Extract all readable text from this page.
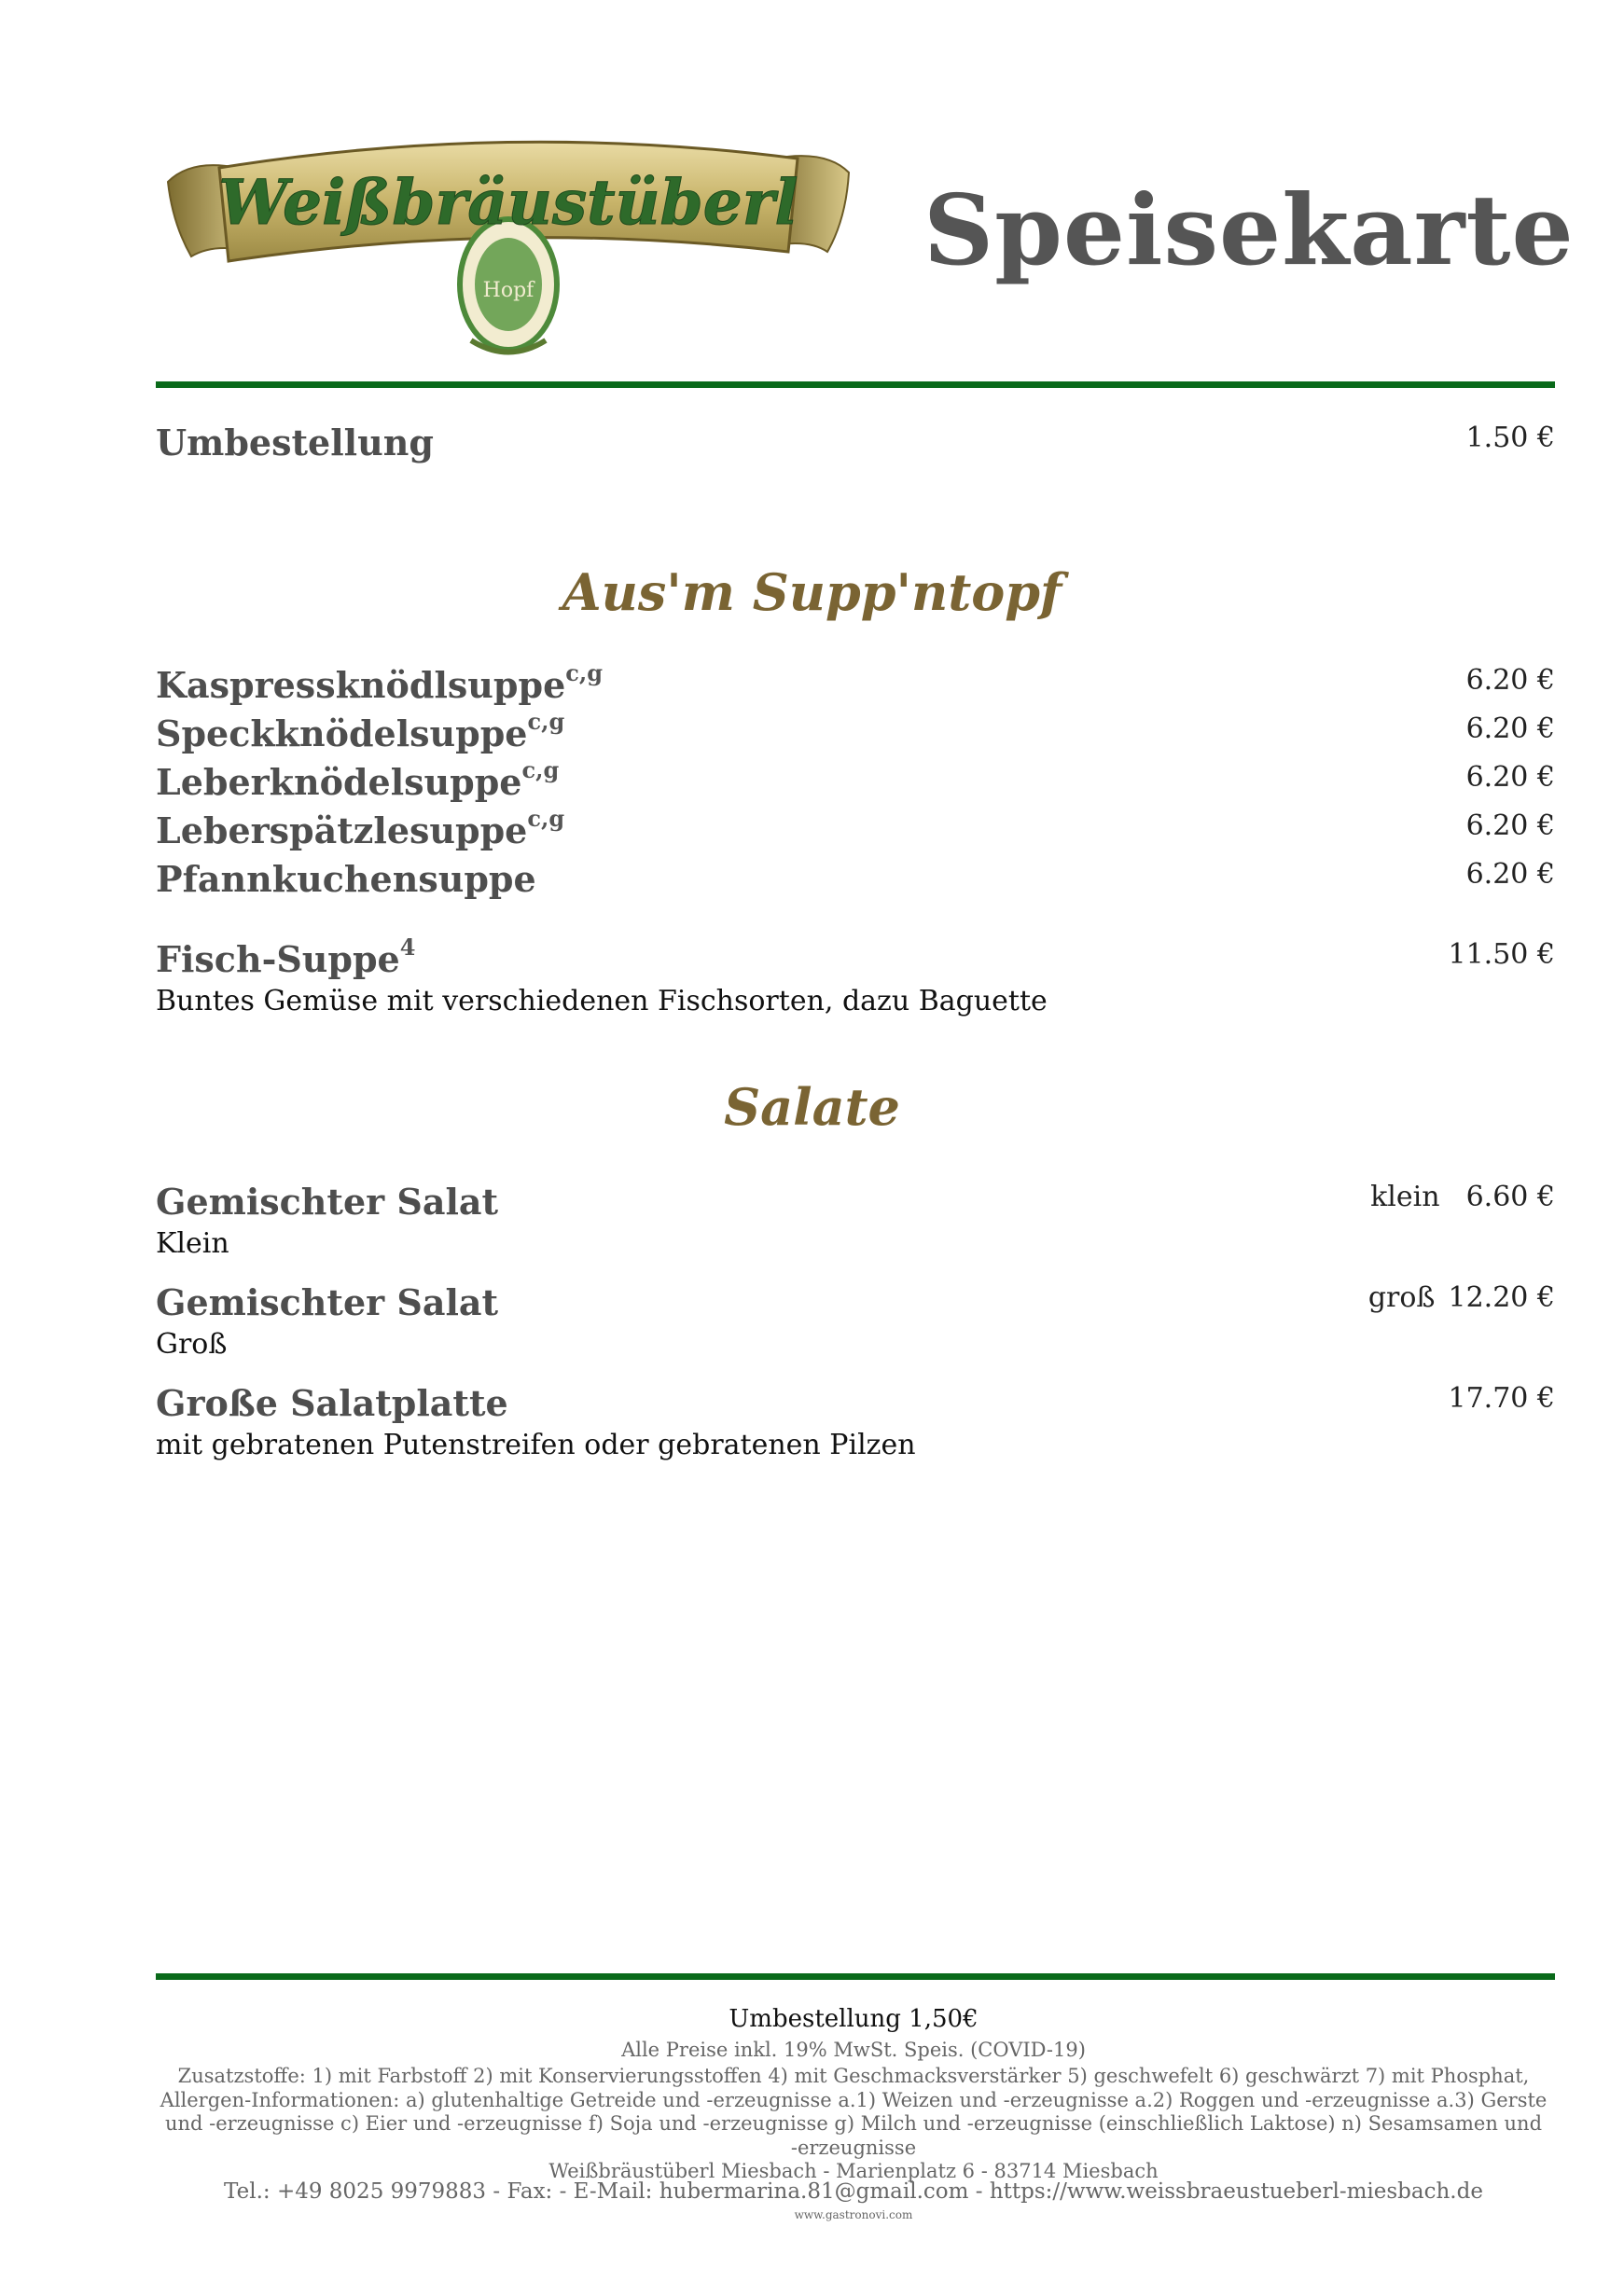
Weißbräustüberl
Hopf
Speisekarte
Umbestellung	1.50 €
Aus'm Supp'ntopf
Kaspressknödlsuppe$^{c,g}$	6.20 €
Speckknödelsuppe$^{c,g}$	6.20 €
Leberknödelsuppe$^{c,g}$	6.20 €
Leberspätzlesuppe$^{c,g}$	6.20 €
Pfannkuchensuppe	6.20 €
Fisch-Suppe$^4$	11.50 €
Buntes Gemüse mit verschiedenen Fischsorten, dazu Baguette
Salate
Gemischter Salat	klein 6.60 €
Klein
Gemischter Salat	groß 12.20 €
Groß
Große Salatplatte	17.70 €
mit gebratenen Putenstreifen oder gebratenen Pilzen
Umbestellung 1,50€
Alle Preise inkl. 19% MwSt. Speis. (COVID-19)
Zusatzstoffe: 1) mit Farbstoff 2) mit Konservierungsstoffen 4) mit Geschmacksverstärker 5) geschwefelt 6) geschwärzt 7) mit Phosphat,
Allergen-Informationen: a) glutenhaltige Getreide und -erzeugnisse a.1) Weizen und -erzeugnisse a.2) Roggen und -erzeugnisse a.3) Gerste
und -erzeugnisse c) Eier und -erzeugnisse f) Soja und -erzeugnisse g) Milch und -erzeugnisse (einschließlich Laktose) n) Sesamsamen und
-erzeugnisse
Weißbräustüberl Miesbach - Marienplatz 6 - 83714 Miesbach
Tel.: +49 8025 9979883 - Fax: - E-Mail: hubermarina.81@gmail.com - https://www.weissbraeustueberl-miesbach.de
www.gastronovi.com
